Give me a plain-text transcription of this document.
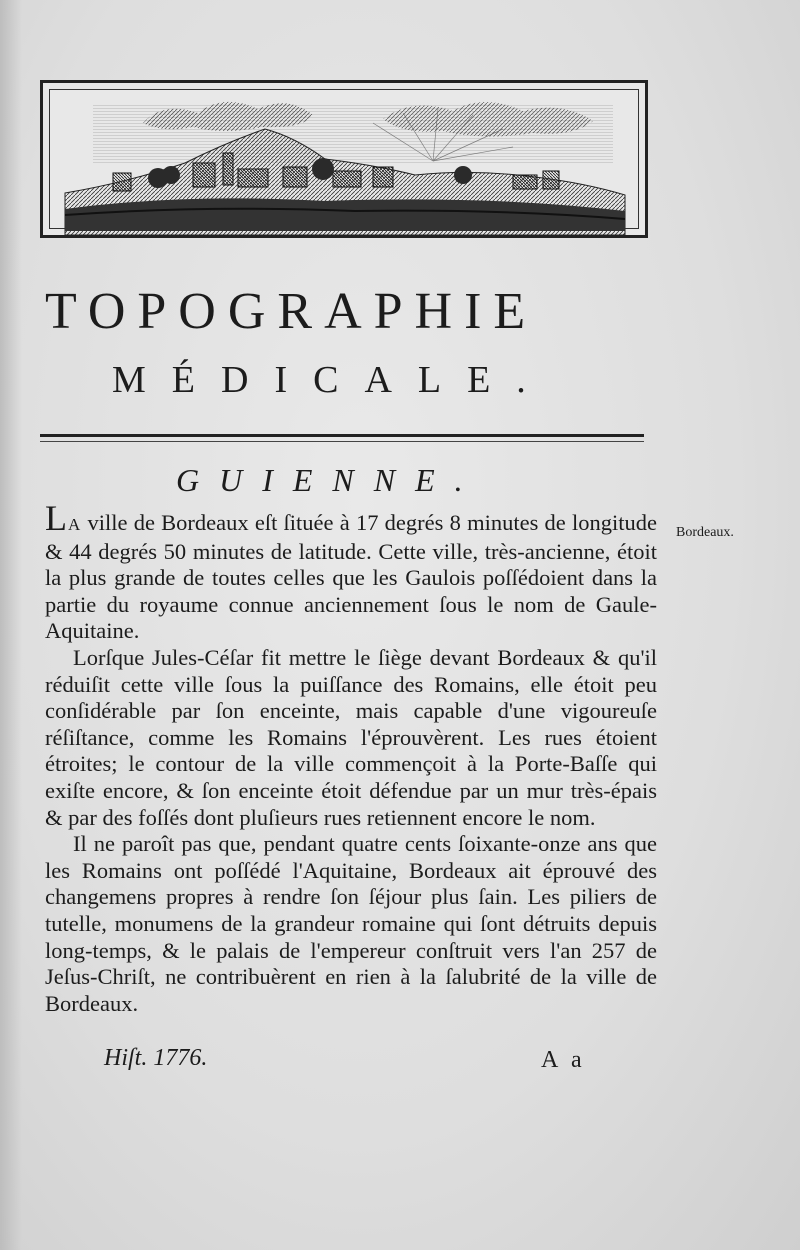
TOPOGRAPHIE
MÉDICALE.
GUIENNE.
Bordeaux.

LA ville de Bordeaux eſt ſituée à 17 degrés 8 minutes de longitude & 44 degrés 50 minutes de latitude. Cette ville, très-ancienne, étoit la plus grande de toutes celles que les Gaulois poſſédoient dans la partie du royaume connue anciennement ſous le nom de Gaule-Aquitaine.

Lorſque Jules-Céſar fit mettre le ſiège devant Bordeaux & qu'il réduiſit cette ville ſous la puiſſance des Romains, elle étoit peu conſidérable par ſon enceinte, mais capable d'une vigoureuſe réſiſtance, comme les Romains l'éprouvèrent. Les rues étoient étroites; le contour de la ville commençoit à la Porte-Baſſe qui exiſte encore, & ſon enceinte étoit défendue par un mur très-épais & par des foſſés dont pluſieurs rues retiennent encore le nom.

Il ne paroît pas que, pendant quatre cents ſoixante-onze ans que les Romains ont poſſédé l'Aquitaine, Bordeaux ait éprouvé des changemens propres à rendre ſon ſéjour plus ſain. Les piliers de tutelle, monumens de la grandeur romaine qui ſont détruits depuis long-temps, & le palais de l'empereur conſtruit vers l'an 257 de Jeſus-Chriſt, ne contribuèrent en rien à la ſalubrité de la ville de Bordeaux.

Hiſt. 1776.	A a
